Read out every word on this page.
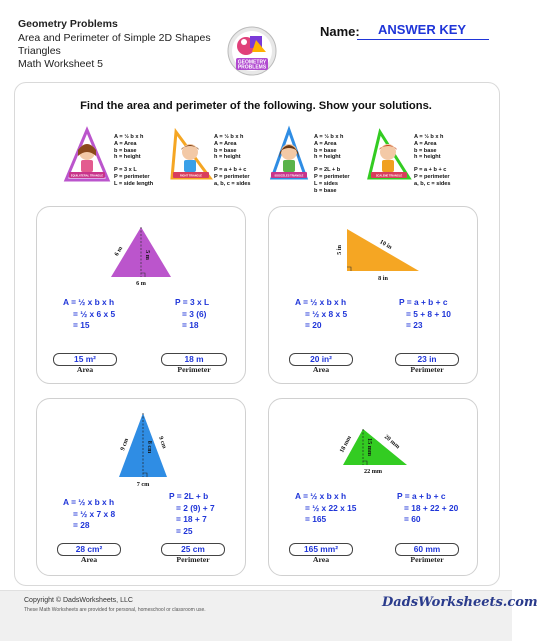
Geometry Problems
Area and Perimeter of Simple 2D Shapes
Triangles
Math Worksheet 5	GEOMETRY
PROBLEMS
Name:	ANSWER KEY
Find the area and perimeter of the following. Show your solutions.
EQUILATERAL TRIANGLE
A = ½ b x h
A = Area
b = base
h = height
P = 3 x L
P = perimeter
L = side length
RIGHT TRIANGLE
A = ½ b x h
A = Area
b = base
h = height
P = a + b + c
P = perimeter
a, b, c = sides
ISOSCELES TRIANGLE
A = ½ b x h
A = Area
b = base
h = height
P = 2L + b
P = perimeter
L = sides
b = base
SCALENE TRIANGLE
A = ½ b x h
A = Area
b = base
h = height
P = a + b + c
P = perimeter
a, b, c = sides
6 m	5 m
6 m
A = ½ x b x h
= ½ x 6 x 5
= 15
P = 3 x L
= 3 (6)
= 18
15 m²
Area
18 m
Perimeter
5 in	10 in
8 in
A = ½ x b x h
= ½ x 8 x 5
= 20
P = a + b + c
= 5 + 8 + 10
= 23
20 in²
Area
23 in
Perimeter
9 cm	9 cm
8 cm
7 cm
A = ½ x b x h
= ½ x 7 x 8
= 28
P = 2L + b
= 2 (9) + 7
= 18 + 7
= 25
28 cm²
Area
25 cm
Perimeter
18 mm	20 mm
15 mm
22 mm
A = ½ x b x h
= ½ x 22 x 15
= 165
P = a + b + c
= 18 + 22 + 20
= 60
165 mm²
Area
60 mm
Perimeter
Copyright © DadsWorksheets, LLC
These Math Worksheets are provided for personal, homeschool or classroom use.	DadsWorksheets.com
